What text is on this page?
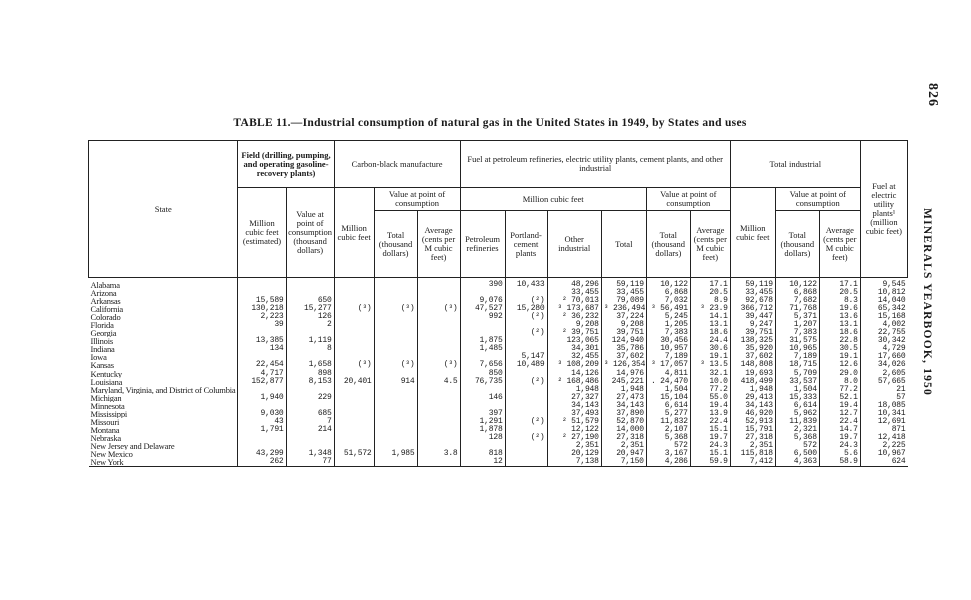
826
MINERALS YEARBOOK, 1950
TABLE 11.—Industrial consumption of natural gas in the United States in 1949, by States and uses
State	Field (drilling, pumping, and operating gasoline-recovery plants)		Carbon-black manufacture			Fuel at petroleum refineries, electric utility plants, cement plants, and other industrial						Total industrial			Fuel at electric utility plants¹ (million cubic feet)
	Million cubic feet (estimated)	Value at point of consumption (thousand dollars)	Million cubic feet	Value at point of consumption		Million cubic feet				Value at point of consumption		Million cubic feet	Value at point of consumption		
				Total (thousand dollars)	Average (cents per M cubic feet)	Petroleum refineries	Portland-cement plants	Other industrial	Total	Total (thousand dollars)	Average (cents per M cubic feet)		Total (thousand dollars)	Average (cents per M cubic feet)	
Alabama						390	10,433	48,296	59,119	10,122	17.1	59,119	10,122	17.1	9,545
Arizona								33,455	33,455	6,868	20.5	33,455	6,868	20.5	10,812
Arkansas	15,589	650				9,076	(²)	² 70,013	79,089	7,032	8.9	92,678	7,682	8.3	14,040
California	130,218	15,277	(³)	(³)	(³)	47,527	15,280	³ 173,687	³ 236,494	³ 56,491	³ 23.9	366,712	71,768	19.6	65,342
Colorado	2,223	126				992	(²)	² 36,232	37,224	5,245	14.1	39,447	5,371	13.6	15,168
Florida	39	2						9,208	9,208	1,205	13.1	9,247	1,207	13.1	4,002
Georgia							(²)	² 39,751	39,751	7,383	18.6	39,751	7,383	18.6	22,755
Illinois	13,385	1,119				1,875		123,065	124,940	30,456	24.4	138,325	31,575	22.8	30,342
Indiana	134	8				1,485		34,301	35,786	10,957	30.6	35,920	10,965	30.5	4,729
Iowa							5,147	32,455	37,602	7,189	19.1	37,602	7,189	19.1	17,660
Kansas	22,454	1,658	(³)	(³)	(³)	7,656	10,489	³ 108,209	³ 126,354	³ 17,057	³ 13.5	148,808	18,715	12.6	34,026
Kentucky	4,717	898				850		14,126	14,976	4,811	32.1	19,693	5,709	29.0	2,605
Louisiana	152,877	8,153	20,401	914	4.5	76,735	(²)	² 168,486	245,221	. 24,470	10.0	418,499	33,537	8.0	57,665
Maryland, Virginia, and District of Columbia								1,948	1,948	1,504	77.2	1,948	1,504	77.2	21
Michigan	1,940	229				146		27,327	27,473	15,104	55.0	29,413	15,333	52.1	57
Minnesota								34,143	34,143	6,614	19.4	34,143	6,614	19.4	18,085
Mississippi	9,030	685				397		37,493	37,890	5,277	13.9	46,920	5,962	12.7	10,341
Missouri	43	7				1,291	(²)	² 51,579	52,870	11,832	22.4	52,913	11,839	22.4	12,691
Montana	1,791	214				1,878		12,122	14,000	2,107	15.1	15,791	2,321	14.7	871
Nebraska						128	(²)	² 27,190	27,318	5,368	19.7	27,318	5,368	19.7	12,418
New Jersey and Delaware								2,351	2,351	572	24.3	2,351	572	24.3	2,225
New Mexico	43,299	1,348	51,572	1,985	3.8	818		20,129	20,947	3,167	15.1	115,818	6,500	5.6	10,967
New York	262	77				12		7,138	7,150	4,286	59.9	7,412	4,363	58.9	624
